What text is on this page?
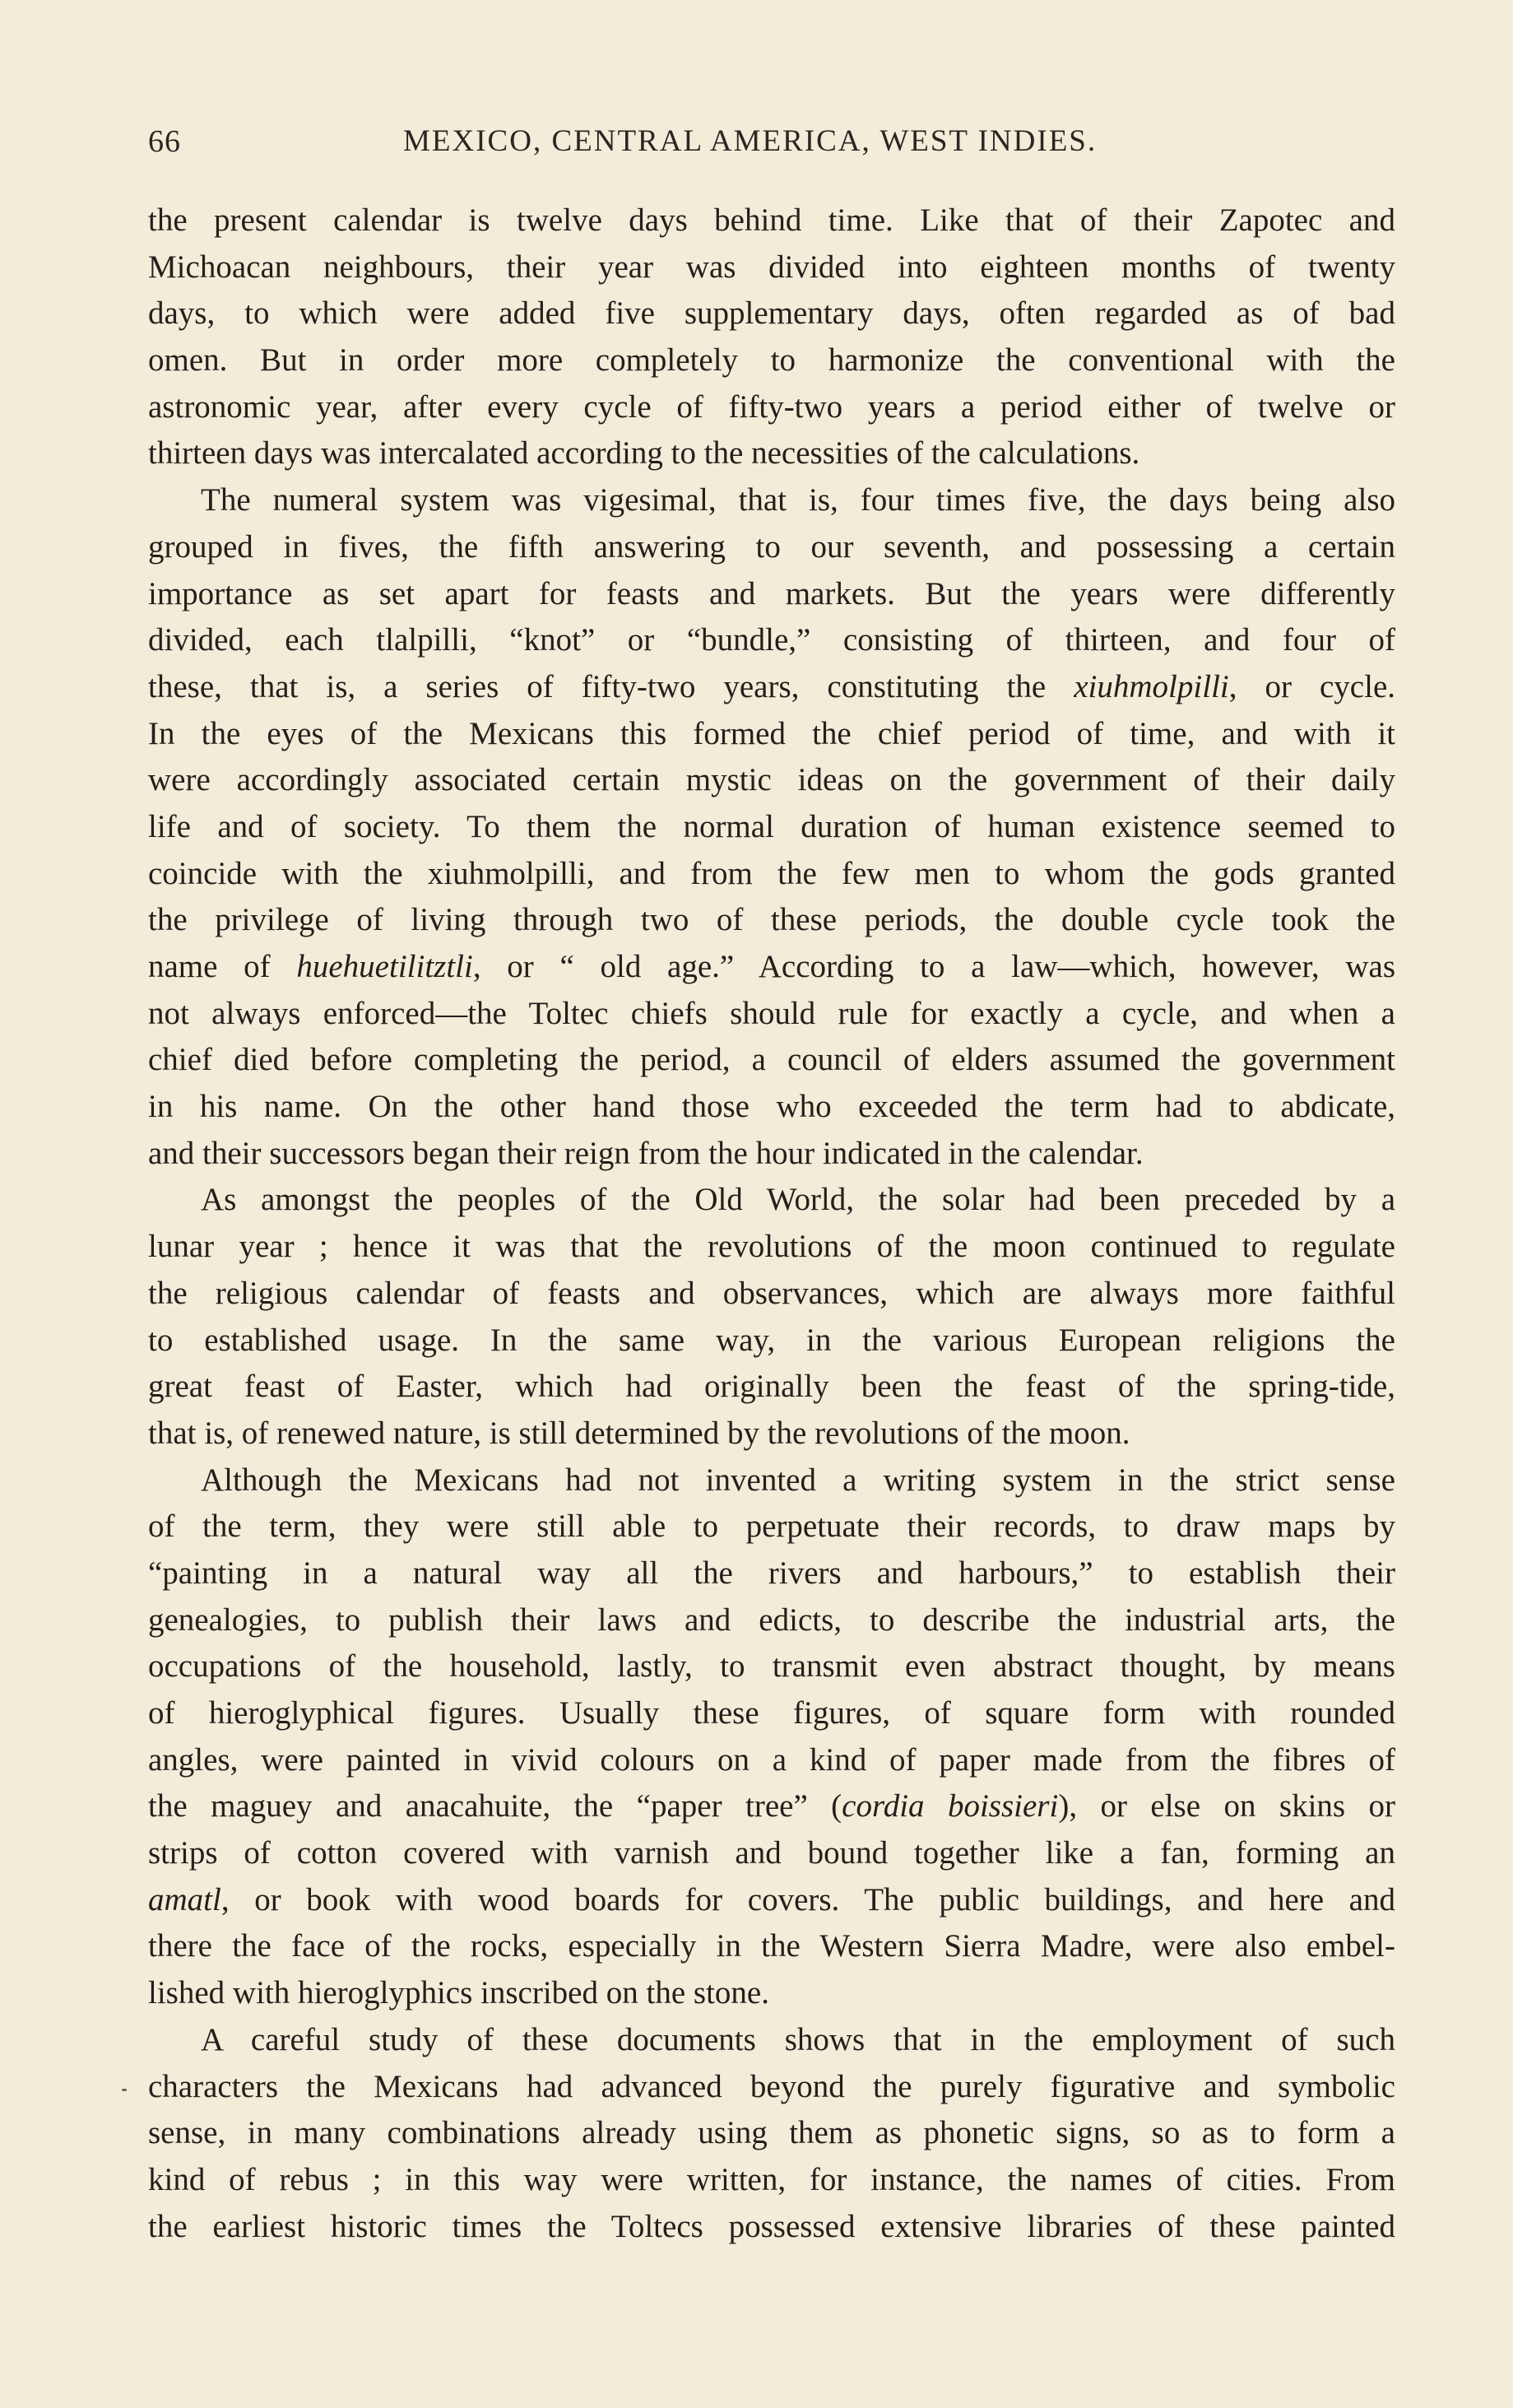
66	MEXICO, CENTRAL AMERICA, WEST INDIES.
the present calendar is twelve days behind time. Like that of their Zapotec and
Michoacan neighbours, their year was divided into eighteen months of twenty
days, to which were added five supplementary days, often regarded as of bad
omen. But in order more completely to harmonize the conventional with the
astronomic year, after every cycle of fifty-two years a period either of twelve or
thirteen days was intercalated according to the necessities of the calculations.
The numeral system was vigesimal, that is, four times five, the days being also
grouped in fives, the fifth answering to our seventh, and possessing a certain
importance as set apart for feasts and markets. But the years were differently
divided, each tlalpilli, “knot” or “bundle,” consisting of thirteen, and four of
these, that is, a series of fifty-two years, constituting the xiuhmolpilli, or cycle.
In the eyes of the Mexicans this formed the chief period of time, and with it
were accordingly associated certain mystic ideas on the government of their daily
life and of society. To them the normal duration of human existence seemed to
coincide with the xiuhmolpilli, and from the few men to whom the gods granted
the privilege of living through two of these periods, the double cycle took the
name of huehuetilitztli, or “ old age.” According to a law—which, however, was
not always enforced—the Toltec chiefs should rule for exactly a cycle, and when a
chief died before completing the period, a council of elders assumed the government
in his name. On the other hand those who exceeded the term had to abdicate,
and their successors began their reign from the hour indicated in the calendar.
As amongst the peoples of the Old World, the solar had been preceded by a
lunar year ; hence it was that the revolutions of the moon continued to regulate
the religious calendar of feasts and observances, which are always more faithful
to established usage. In the same way, in the various European religions the
great feast of Easter, which had originally been the feast of the spring-tide,
that is, of renewed nature, is still determined by the revolutions of the moon.
Although the Mexicans had not invented a writing system in the strict sense
of the term, they were still able to perpetuate their records, to draw maps by
“painting in a natural way all the rivers and harbours,” to establish their
genealogies, to publish their laws and edicts, to describe the industrial arts, the
occupations of the household, lastly, to transmit even abstract thought, by means
of hieroglyphical figures. Usually these figures, of square form with rounded
angles, were painted in vivid colours on a kind of paper made from the fibres of
the maguey and anacahuite, the “paper tree” (cordia boissieri), or else on skins or
strips of cotton covered with varnish and bound together like a fan, forming an
amatl, or book with wood boards for covers. The public buildings, and here and
there the face of the rocks, especially in the Western Sierra Madre, were also embel-
lished with hieroglyphics inscribed on the stone.
A careful study of these documents shows that in the employment of such
characters the Mexicans had advanced beyond the purely figurative and symbolic
sense, in many combinations already using them as phonetic signs, so as to form a
kind of rebus ; in this way were written, for instance, the names of cities. From
the earliest historic times the Toltecs possessed extensive libraries of these painted
